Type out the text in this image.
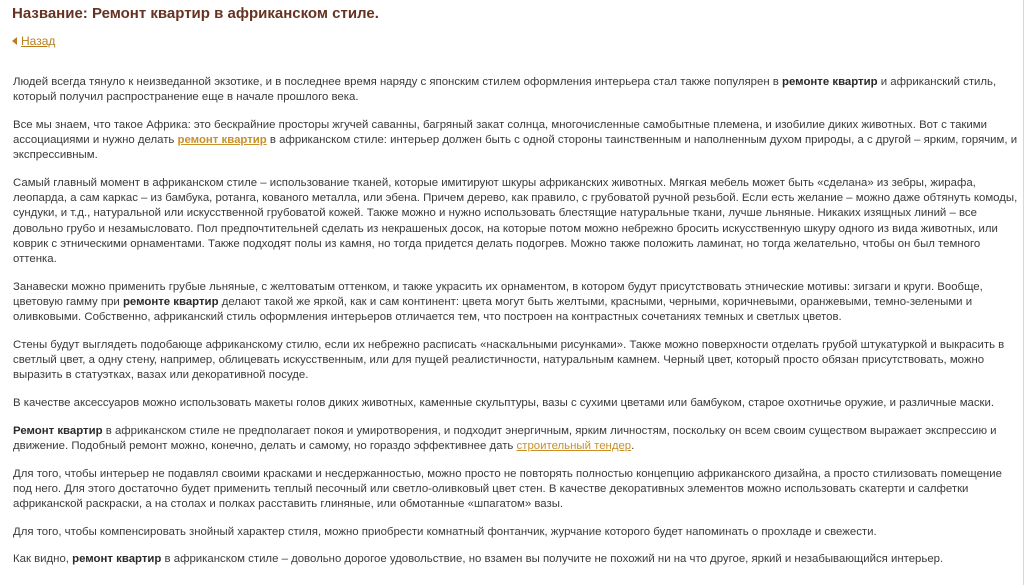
Название: Ремонт квартир в африканском стиле.
Назад

Людей всегда тянуло к неизведанной экзотике, и в последнее время наряду с японским стилем оформления интерьера стал также популярен в ремонте квартир и африканский стиль, который получил распространение еще в начале прошлого века.

Все мы знаем, что такое Африка: это бескрайние просторы жгучей саванны, багряный закат солнца, многочисленные самобытные племена, и изобилие диких животных. Вот с такими ассоциациями и нужно делать ремонт квартир в африканском стиле: интерьер должен быть с одной стороны таинственным и наполненным духом природы, а с другой – ярким, горячим, и экспрессивным.

Самый главный момент в африканском стиле – использование тканей, которые имитируют шкуры африканских животных. Мягкая мебель может быть «сделана» из зебры, жирафа, леопарда, а сам каркас – из бамбука, ротанга, кованого металла, или эбена. Причем дерево, как правило, с грубоватой ручной резьбой. Если есть желание – можно даже обтянуть комоды, сундуки, и т.д., натуральной или искусственной грубоватой кожей. Также можно и нужно использовать блестящие натуральные ткани, лучше льняные. Никаких изящных линий – все довольно грубо и незамысловато. Пол предпочтительней сделать из некрашеных досок, на которые потом можно небрежно бросить искусственную шкуру одного из вида животных, или коврик с этническими орнаментами. Также подходят полы из камня, но тогда придется делать подогрев. Можно также положить ламинат, но тогда желательно, чтобы он был темного оттенка.

Занавески можно применить грубые льняные, с желтоватым оттенком, и также украсить их орнаментом, в котором будут присутствовать этнические мотивы: зигзаги и круги. Вообще, цветовую гамму при ремонте квартир делают такой же яркой, как и сам континент: цвета могут быть желтыми, красными, черными, коричневыми, оранжевыми, темно-зелеными и оливковыми. Собственно, африканский стиль оформления интерьеров отличается тем, что построен на контрастных сочетаниях темных и светлых цветов.

Стены будут выглядеть подобающе африканскому стилю, если их небрежно расписать «наскальными рисунками». Также можно поверхности отделать грубой штукатуркой и выкрасить в светлый цвет, а одну стену, например, облицевать искусственным, или для пущей реалистичности, натуральным камнем. Черный цвет, который просто обязан присутствовать, можно выразить в статуэтках, вазах или декоративной посуде.

В качестве аксессуаров можно использовать макеты голов диких животных, каменные скульптуры, вазы с сухими цветами или бамбуком, старое охотничье оружие, и различные маски.

Ремонт квартир в африканском стиле не предполагает покоя и умиротворения, и подходит энергичным, ярким личностям, поскольку он всем своим существом выражает экспрессию и движение. Подобный ремонт можно, конечно, делать и самому, но гораздо эффективнее дать строительный тендер.

Для того, чтобы интерьер не подавлял своими красками и несдержанностью, можно просто не повторять полностью концепцию африканского дизайна, а просто стилизовать помещение под него. Для этого достаточно будет применить теплый песочный или светло-оливковый цвет стен. В качестве декоративных элементов можно использовать скатерти и салфетки африканской раскраски, а на столах и полках расставить глиняные, или обмотанные «шпагатом» вазы.

Для того, чтобы компенсировать знойный характер стиля, можно приобрести комнатный фонтанчик, журчание которого будет напоминать о прохладе и свежести.

Как видно, ремонт квартир в африканском стиле – довольно дорогое удовольствие, но взамен вы получите не похожий ни на что другое, яркий и незабывающийся интерьер.
